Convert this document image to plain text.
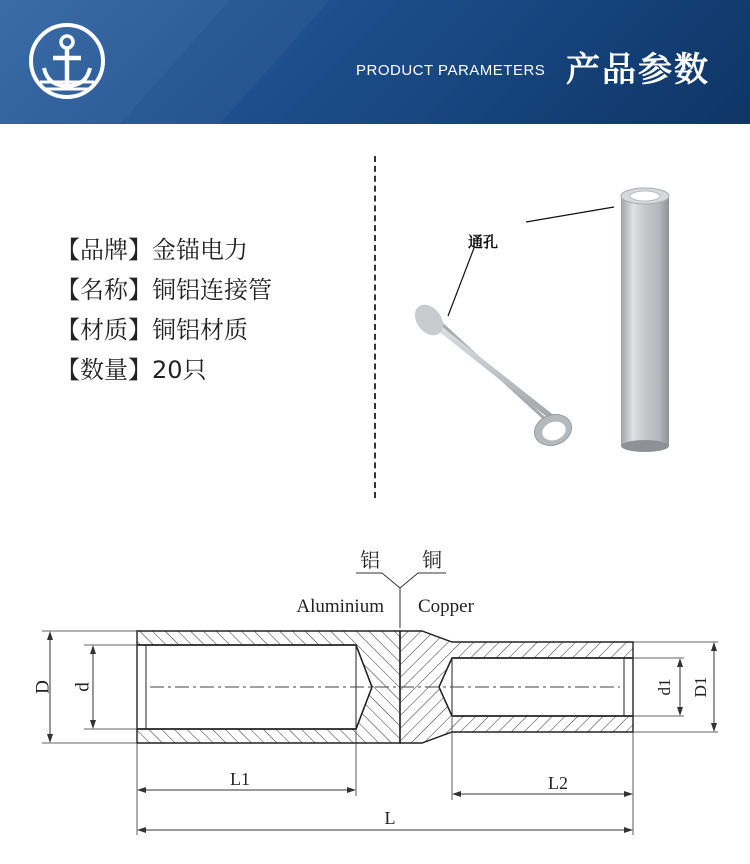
PRODUCT PARAMETERS 产品参数
【品牌】金锚电力
【名称】铜铝连接管
【材质】铜铝材质
【数量】20只
通孔
铝 铜
Aluminium Copper
D d	d1 D1
L1	L2
L
